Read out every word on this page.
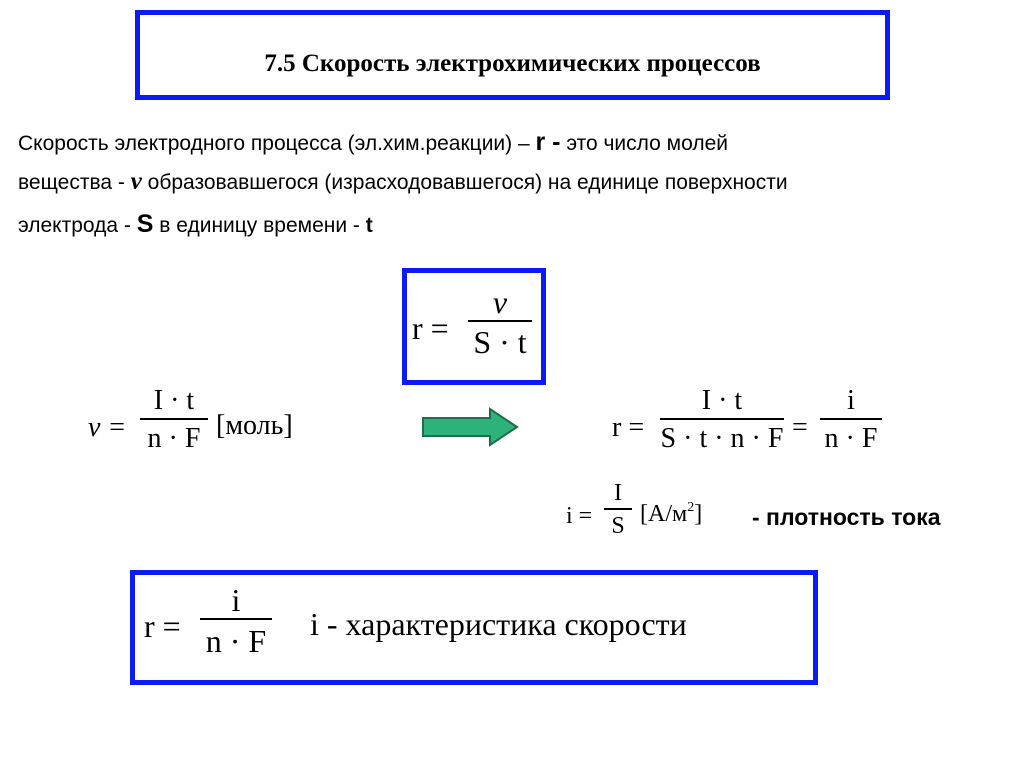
7.5 Скорость электрохимических процессов
Скорость электродного процесса (эл.хим.реакции) – r - это число молей
вещества - ν образовавшегося (израсходовавшегося) на единице поверхности
электрода - S в единицу времени - t
r =
ν
S · t
ν =
I · t
n · F [моль]	r =
I · t
S · t · n · F =
i
n · F
i =
I
S $[А/м^2]$ - плотность тока
r =
i
n · F i - характеристика скорости
